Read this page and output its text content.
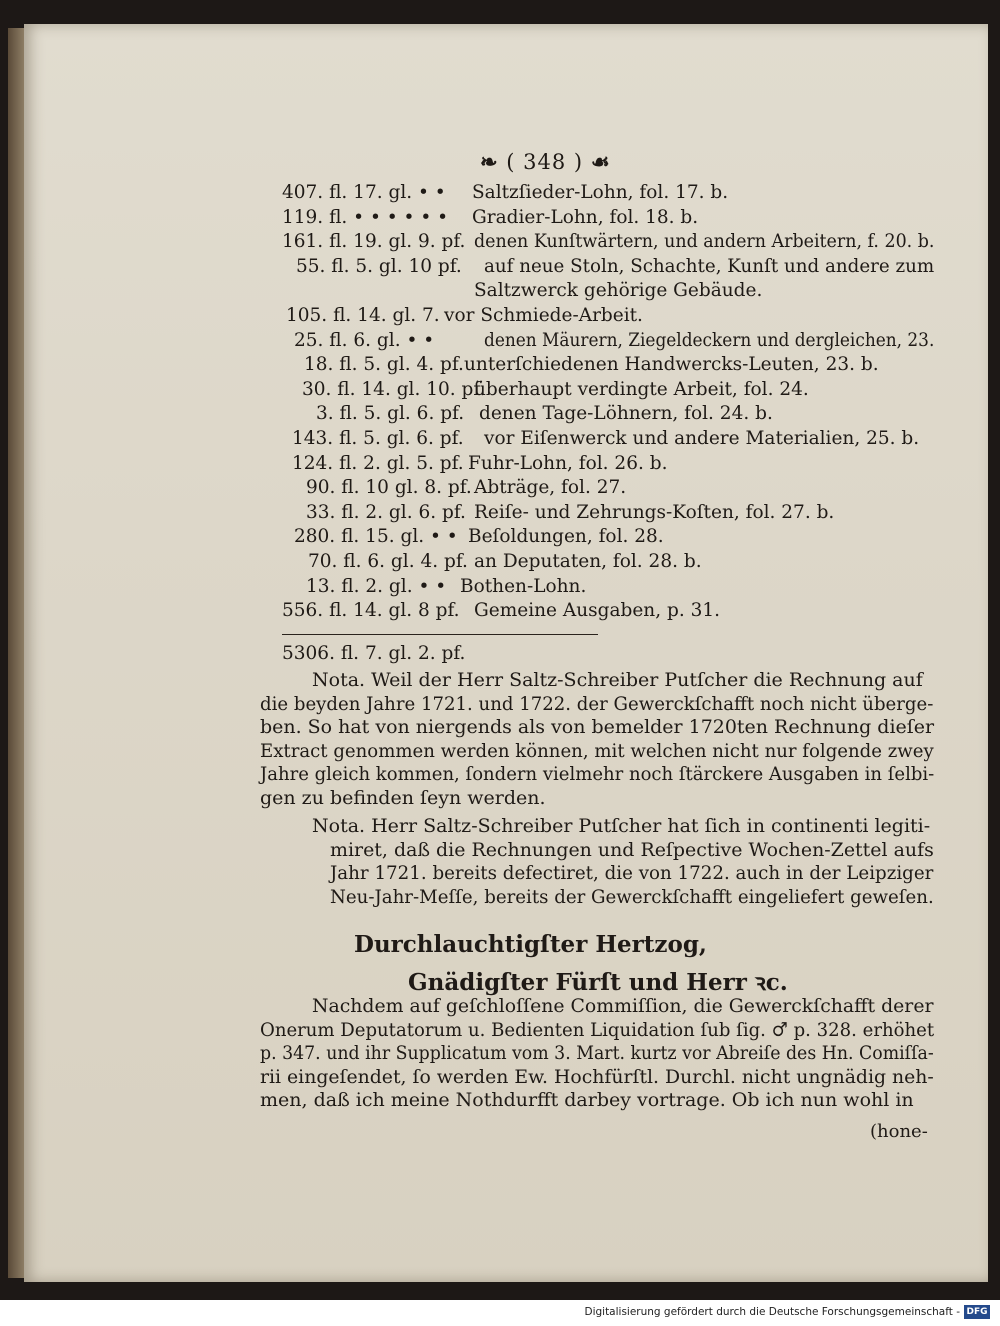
❧ ( 348 ) ☙
407. fl. 17. gl. • • Saltzſieder-Lohn, fol. 17. b.
119. fl. • • • • • • Gradier-Lohn, fol. 18. b.
161. fl. 19. gl. 9. pf. denen Kunſtwärtern, und andern Arbeitern, f. 20. b.
55. fl. 5. gl. 10 pf. auf neue Stoln, Schachte, Kunſt und andere zum
Saltzwerck gehörige Gebäude.
105. fl. 14. gl. 7. vor Schmiede-Arbeit.
25. fl. 6. gl. • •	denen Mäurern, Ziegeldeckern und dergleichen, 23.
18. fl. 5. gl. 4. pf. unterſchiedenen Handwercks-Leuten, 23. b.
30. fl. 14. gl. 10. pf.
überhaupt verdingte Arbeit, fol. 24.
3. fl. 5. gl. 6. pf. denen Tage-Löhnern, fol. 24. b.
143. fl. 5. gl. 6. pf. vor Eiſenwerck und andere Materialien, 25. b.
124. fl. 2. gl. 5. pf. Fuhr-Lohn, fol. 26. b.
90. fl. 10 gl. 8. pf. Abträge, fol. 27.
33. fl. 2. gl. 6. pf. Reiſe- und Zehrungs-Koſten, fol. 27. b.
280. fl. 15. gl. • • Beſoldungen, fol. 28.
70. fl. 6. gl. 4. pf. an Deputaten, fol. 28. b.
13. fl. 2. gl. • • Bothen-Lohn.
556. fl. 14. gl. 8 pf. Gemeine Ausgaben, p. 31.
5306. fl. 7. gl. 2. pf.
Nota. Weil der Herr Saltz-Schreiber Putſcher die Rechnung auf
die beyden Jahre 1721. und 1722. der Gewerckſchafft noch nicht überge-
ben. So hat von niergends als von bemelder 1720ten Rechnung dieſer
Extract genommen werden können, mit welchen nicht nur folgende zwey
Jahre gleich kommen, ſondern vielmehr noch ſtärckere Ausgaben in ſelbi-
gen zu befinden ſeyn werden.
Nota. Herr Saltz-Schreiber Putſcher hat ſich in continenti legiti-
miret, daß die Rechnungen und Reſpective Wochen-Zettel aufs
Jahr 1721. bereits defectiret, die von 1722. auch in der Leipziger
Neu-Jahr-Meſſe, bereits der Gewerckſchafft eingeliefert geweſen.
Durchlauchtigſter Hertzog,
Gnädigſter Fürſt und Herr ꝛc.
Nachdem auf geſchloſſene Commiſſion, die Gewerckſchafft derer
Onerum Deputatorum u. Bedienten Liquidation ſub ſig. ♂ p. 328. erhöhet
p. 347. und ihr Supplicatum vom 3. Mart. kurtz vor Abreiſe des Hn. Comiſſa-
rii eingeſendet, ſo werden Ew. Hochfürſtl. Durchl. nicht ungnädig neh-
men, daß ich meine Nothdurfft darbey vortrage. Ob ich nun wohl in
(hone-
Digitalisierung gefördert durch die Deutsche Forschungsgemeinschaft - DFG
